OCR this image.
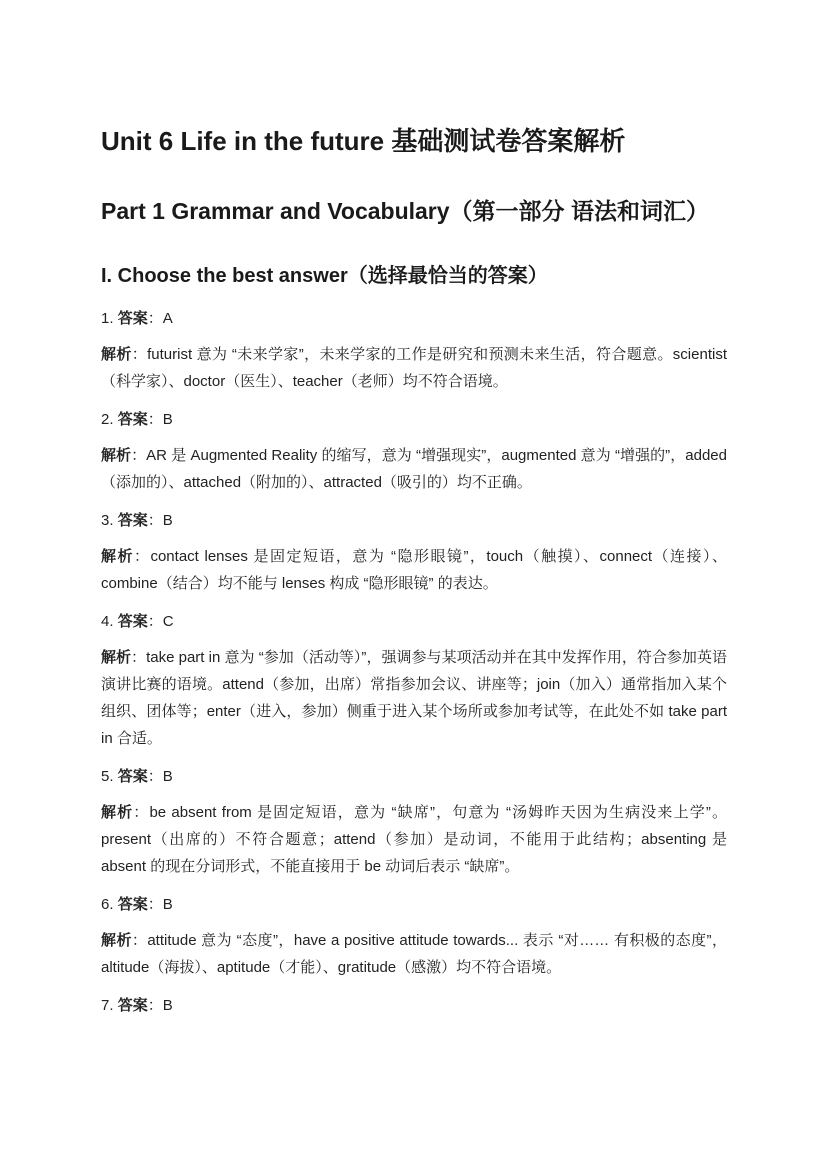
Unit 6 Life in the future 基础测试卷答案解析
Part 1 Grammar and Vocabulary（第一部分 语法和词汇）
I. Choose the best answer（选择最恰当的答案）
1. 答案：A
解析：futurist 意为 “未来学家”，未来学家的工作是研究和预测未来生活，符合题意。scientist（科学家）、doctor（医生）、teacher（老师）均不符合语境。
2. 答案：B
解析：AR 是 Augmented Reality 的缩写，意为 “增强现实”，augmented 意为 “增强的”，added（添加的）、attached（附加的）、attracted（吸引的）均不正确。
3. 答案：B
解析：contact lenses 是固定短语，意为 “隐形眼镜”，touch（触摸）、connect（连接）、combine（结合）均不能与 lenses 构成 “隐形眼镜” 的表达。
4. 答案：C
解析：take part in 意为 “参加（活动等）”，强调参与某项活动并在其中发挥作用，符合参加英语演讲比赛的语境。attend（参加，出席）常指参加会议、讲座等；join（加入）通常指加入某个组织、团体等；enter（进入，参加）侧重于进入某个场所或参加考试等，在此处不如 take part in 合适。
5. 答案：B
解析：be absent from 是固定短语，意为 “缺席”，句意为 “汤姆昨天因为生病没来上学”。present（出席的）不符合题意；attend（参加）是动词，不能用于此结构；absenting 是 absent 的现在分词形式，不能直接用于 be 动词后表示 “缺席”。
6. 答案：B
解析：attitude 意为 “态度”，have a positive attitude towards... 表示 “对…… 有积极的态度”，altitude（海拔）、aptitude（才能）、gratitude（感激）均不符合语境。
7. 答案：B
